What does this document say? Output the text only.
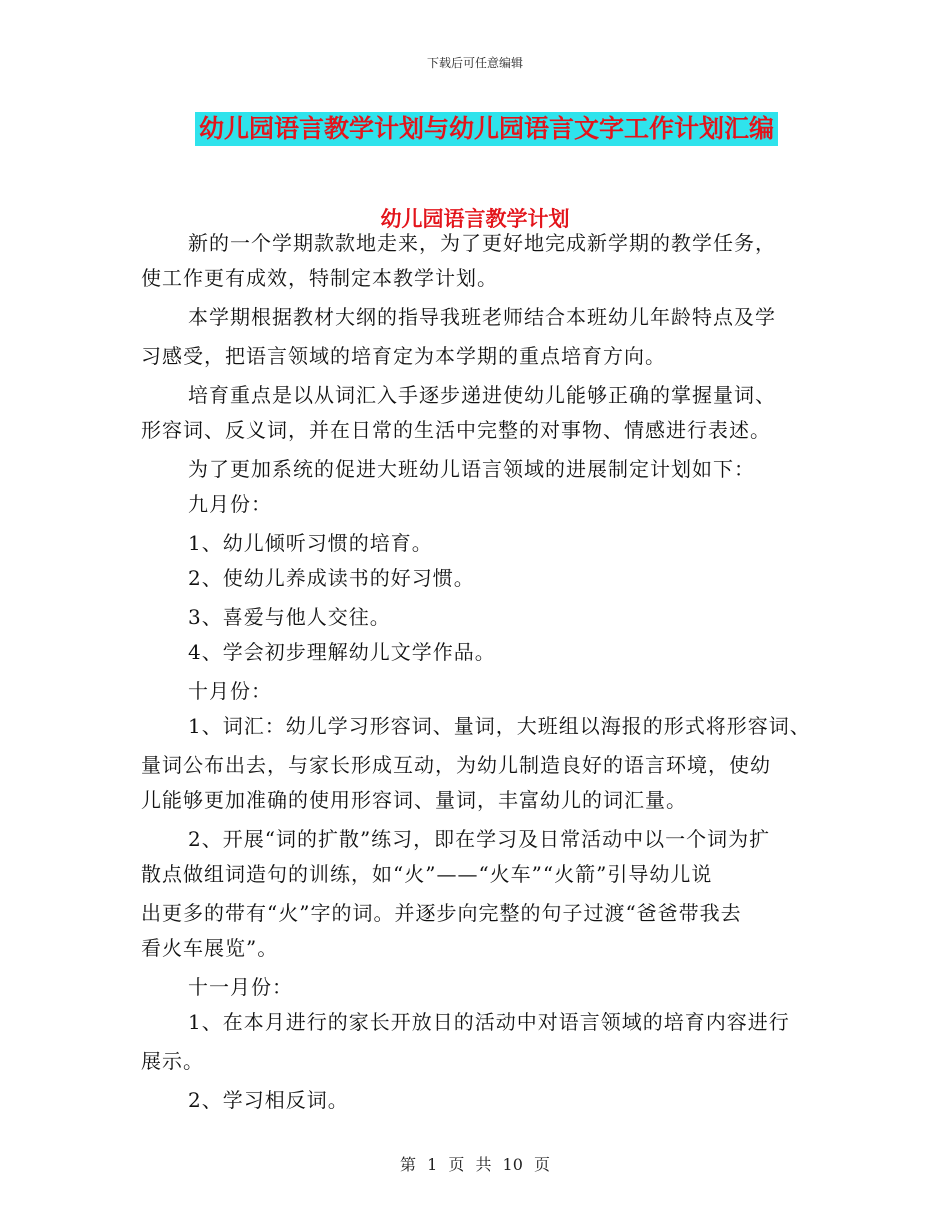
下载后可任意编辑
幼儿园语言教学计划与幼儿园语言文字工作计划汇编
幼儿园语言教学计划
新的一个学期款款地走来，为了更好地完成新学期的教学任务，
使工作更有成效，特制定本教学计划。
本学期根据教材大纲的指导我班老师结合本班幼儿年龄特点及学
习感受，把语言领域的培育定为本学期的重点培育方向。
培育重点是以从词汇入手逐步递进使幼儿能够正确的掌握量词、
形容词、反义词，并在日常的生活中完整的对事物、情感进行表述。
为了更加系统的促进大班幼儿语言领域的进展制定计划如下：
九月份：
1、幼儿倾听习惯的培育。
2、使幼儿养成读书的好习惯。
3、喜爱与他人交往。
4、学会初步理解幼儿文学作品。
十月份：
1、词汇：幼儿学习形容词、量词，大班组以海报的形式将形容词、
量词公布出去，与家长形成互动，为幼儿制造良好的语言环境，使幼
儿能够更加准确的使用形容词、量词，丰富幼儿的词汇量。
2、开展“词的扩散”练习，即在学习及日常活动中以一个词为扩
散点做组词造句的训练，如“火”——“火车”“火箭”引导幼儿说
出更多的带有“火”字的词。并逐步向完整的句子过渡“爸爸带我去
看火车展览”。
十一月份：
1、在本月进行的家长开放日的活动中对语言领域的培育内容进行
展示。
2、学习相反词。
第 1 页 共 10 页
